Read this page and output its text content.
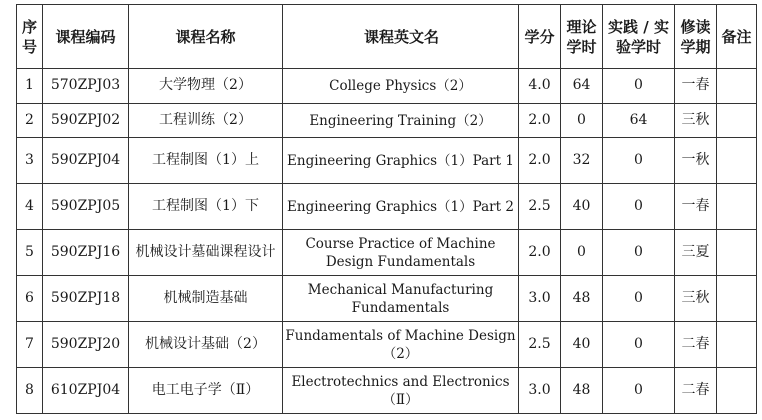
序号	课程编码	课程名称	课程英文名	学分	理论学时	实践 / 实验学时	修读学期	备注
1	570ZPJ03	大学物理（2）	College Physics（2）	4.0	64	0	一春	
2	590ZPJ02	工程训练（2）	Engineering Training（2）	2.0	0	64	三秋	
3	590ZPJ04	工程制图（1）上	Engineering Graphics（1）Part 1	2.0	32	0	一秋	
4	590ZPJ05	工程制图（1）下	Engineering Graphics（1）Part 2	2.5	40	0	一春	
5	590ZPJ16	机械设计墓础课程设计	Course Practice of Machine Design Fundamentals	2.0	0	0	三夏	
6	590ZPJ18	机械制造基础	Mechanical Manufacturing Fundamentals	3.0	48	0	三秋	
7	590ZPJ20	机械设计基础（2）	Fundamentals of Machine Design（2）	2.5	40	0	二春	
8	610ZPJ04	电工电子学（Ⅱ）	Electrotechnics and Electronics（Ⅱ）	3.0	48	0	二春	
